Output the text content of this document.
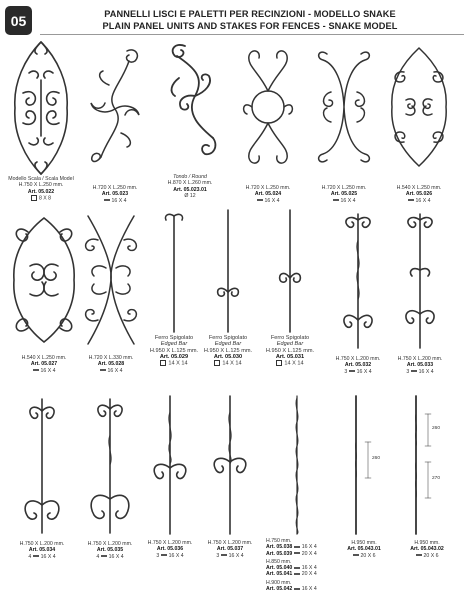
05	PANNELLI LISCI E PALETTI PER RECINZIONI - MODELLO SNAKE
PLAIN PANEL UNITS AND STAKES FOR FENCES - SNAKE MODEL
Modello Scala / Scala Model
H.750 X L.250 mm.
Art. 05.022
8 X 8
H.720 X L.250 mm.
Art. 05.023
16 X 4
Tondo / Round
H.870 X L.260 mm.
Art. 05.023.01
Ø 12
H.720 X L.250 mm.
Art. 05.024
16 X 4
H.720 X L.250 mm.
Art. 05.025
16 X 4
H.540 X L.250 mm.
Art. 05.026
16 X 4
H.540 X L.250 mm.
Art. 05.027
16 X 4
H.720 X L.330 mm.
Art. 05.028
16 X 4
Ferro Spigolato
Edged Bar
H.950 X L.125 mm.
Art. 05.029
14 X 14
Ferro Spigolato
Edged Bar
H.950 X L.125 mm.
Art. 05.030
14 X 14
Ferro Spigolato
Edged Bar
H.950 X L.125 mm.
Art. 05.031
14 X 14
H.750 X L.200 mm.
Art. 05.032
3 16 X 4
H.750 X L.200 mm.
Art. 05.033
3 16 X 4
H.750 X L.200 mm.
Art. 05.034
4 16 X 4
H.750 X L.200 mm.
Art. 05.035
4 16 X 4
H.750 X L.200 mm.
Art. 05.036
3 16 X 4
H.750 X L.200 mm.
Art. 05.037
3 16 X 4
H.750 mm.
Art. 05.038 16 X 4
Art. 05.039 20 X 4
H.850 mm.
Art. 05.040 16 X 4
Art. 05.041 20 X 4
H.900 mm.
Art. 05.042 16 X 4
260
H.950 mm.
Art. 05.043.01
20 X 6
260
270
H.950 mm.
Art. 05.043.02
20 X 6
